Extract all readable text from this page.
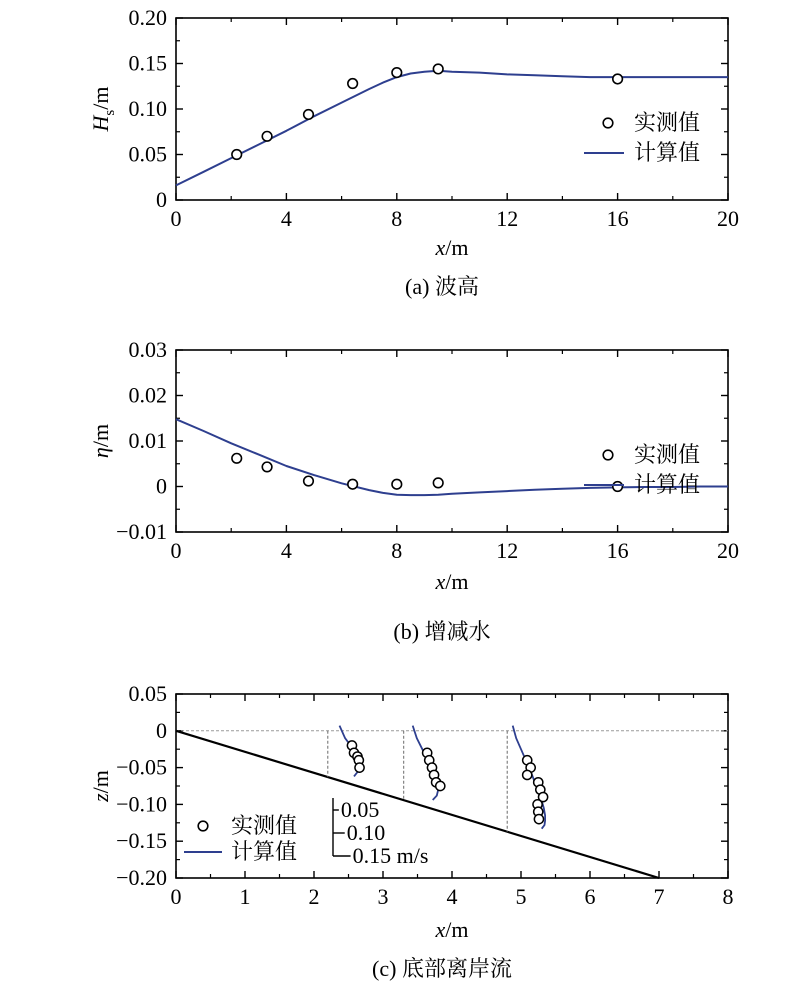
0	4	8	12	16	20
0
0.05
0.10
0.15
0.20
x/m
$H_s/m$
(a) 波高
实测值
计算值
0	4	8	12	16	20
−0.01
0
0.01
0.02
0.03
x/m
η/m
(b) 增减水
实测值
计算值
0	1	2	3	4	5	6	7	8
−0.20
−0.15
−0.10
−0.05
0
0.05
x/m
z/m
(c) 底部离岸流
实测值
计算值
0.05
0.10
0.15 m/s
